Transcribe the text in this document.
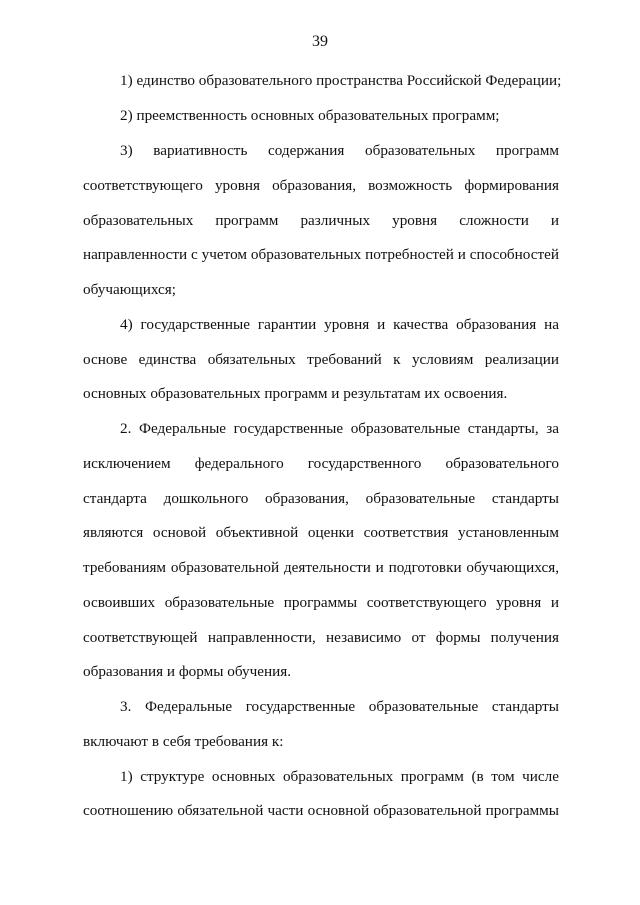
39
1) единство образовательного пространства Российской Федерации;
2) преемственность основных образовательных программ;
3) вариативность содержания образовательных программ
соответствующего уровня образования, возможность формирования
образовательных программ различных уровня сложности и
направленности с учетом образовательных потребностей и способностей
обучающихся;
4) государственные гарантии уровня и качества образования на
основе единства обязательных требований к условиям реализации
основных образовательных программ и результатам их освоения.
2. Федеральные государственные образовательные стандарты, за
исключением федерального государственного образовательного
стандарта дошкольного образования, образовательные стандарты
являются основой объективной оценки соответствия установленным
требованиям образовательной деятельности и подготовки обучающихся,
освоивших образовательные программы соответствующего уровня и
соответствующей направленности, независимо от формы получения
образования и формы обучения.
3. Федеральные государственные образовательные стандарты
включают в себя требования к:
1) структуре основных образовательных программ (в том числе
соотношению обязательной части основной образовательной программы
